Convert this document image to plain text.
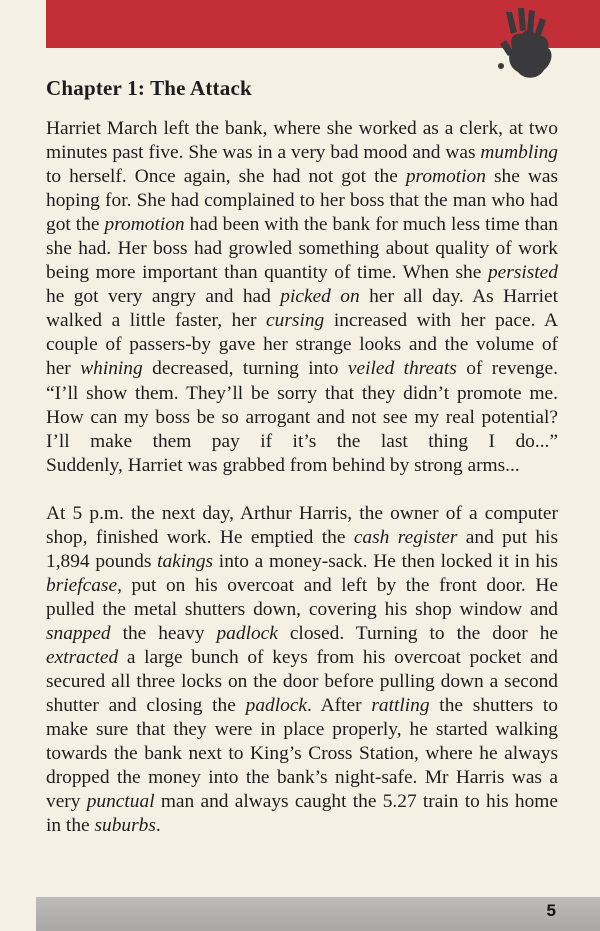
Chapter 1: The Attack

Harriet March left the bank, where she worked as a clerk, at two minutes past five. She was in a very bad mood and was mumbling to herself. Once again, she had not got the promotion she was hoping for. She had complained to her boss that the man who had got the promotion had been with the bank for much less time than she had. Her boss had growled something about quality of work being more important than quantity of time. When she persisted he got very angry and had picked on her all day. As Harriet walked a little faster, her cursing increased with her pace. A couple of passers-by gave her strange looks and the volume of her whining decreased, turning into veiled threats of revenge.

“I’ll show them. They’ll be sorry that they didn’t promote me. How can my boss be so arrogant and not see my real potential? I’ll make them pay if it’s the last thing I do...”

Suddenly, Harriet was grabbed from behind by strong arms...

At 5 p.m. the next day, Arthur Harris, the owner of a computer shop, finished work. He emptied the cash register and put his 1,894 pounds takings into a money-sack. He then locked it in his briefcase, put on his overcoat and left by the front door. He pulled the metal shutters down, covering his shop window and snapped the heavy padlock closed. Turning to the door he extracted a large bunch of keys from his overcoat pocket and secured all three locks on the door before pulling down a second shutter and closing the padlock. After rattling the shutters to make sure that they were in place properly, he started walking towards the bank next to King’s Cross Station, where he always dropped the money into the bank’s night-safe. Mr Harris was a very punctual man and always caught the 5.27 train to his home in the suburbs.

5
